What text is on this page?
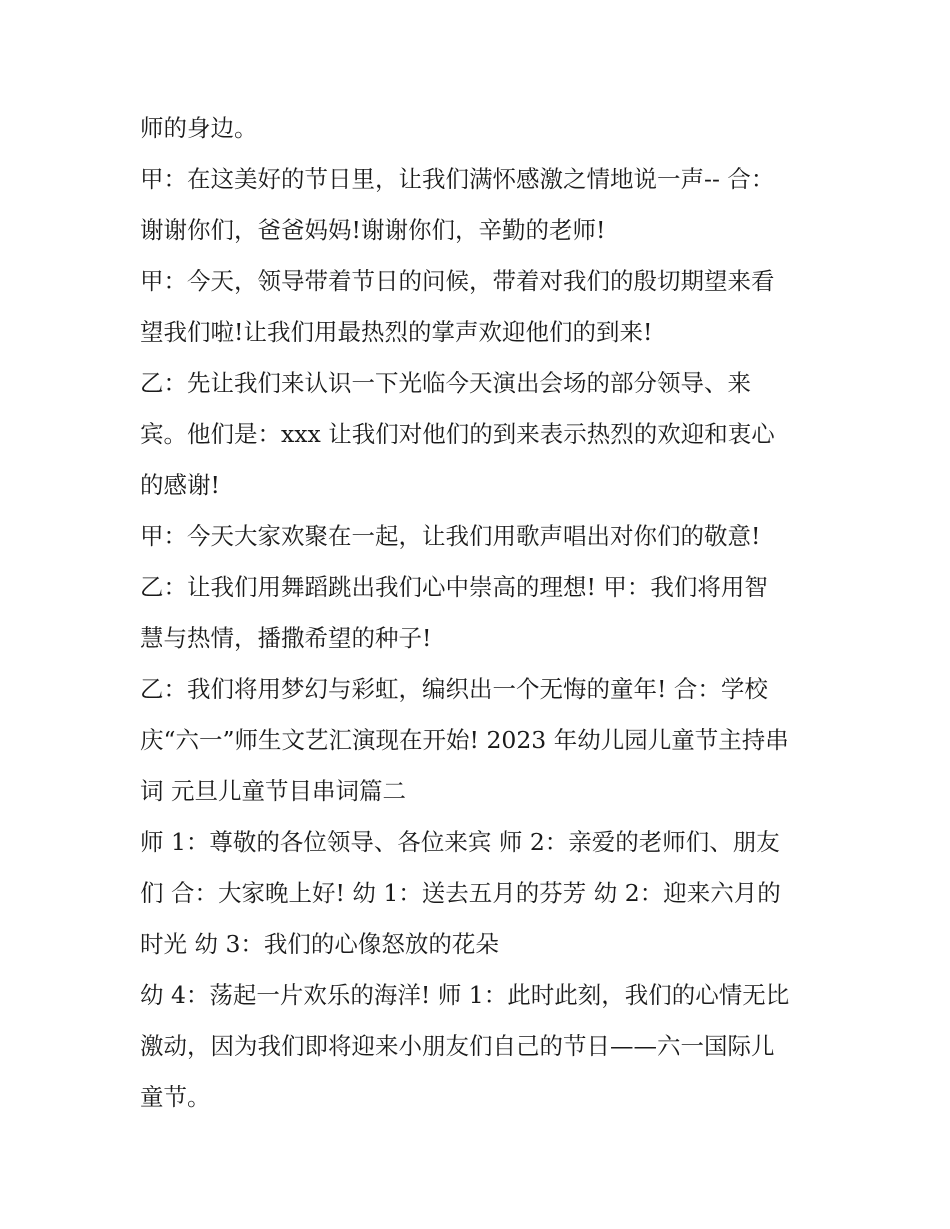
师的身边。
甲：在这美好的节日里，让我们满怀感激之情地说一声-- 合：
谢谢你们，爸爸妈妈!谢谢你们，辛勤的老师!
甲：今天，领导带着节日的问候，带着对我们的殷切期望来看
望我们啦!让我们用最热烈的掌声欢迎他们的到来!
乙：先让我们来认识一下光临今天演出会场的部分领导、来
宾。他们是：xxx 让我们对他们的到来表示热烈的欢迎和衷心
的感谢!
甲：今天大家欢聚在一起，让我们用歌声唱出对你们的敬意!
乙：让我们用舞蹈跳出我们心中崇高的理想! 甲：我们将用智
慧与热情，播撒希望的种子!
乙：我们将用梦幻与彩虹，编织出一个无悔的童年! 合：学校
庆“六一”师生文艺汇演现在开始! 2023 年幼儿园儿童节主持串
词 元旦儿童节目串词篇二
师 1：尊敬的各位领导、各位来宾 师 2：亲爱的老师们、朋友
们 合：大家晚上好! 幼 1：送去五月的芬芳 幼 2：迎来六月的
时光 幼 3：我们的心像怒放的花朵
幼 4：荡起一片欢乐的海洋! 师 1：此时此刻，我们的心情无比
激动，因为我们即将迎来小朋友们自己的节日——六一国际儿
童节。
